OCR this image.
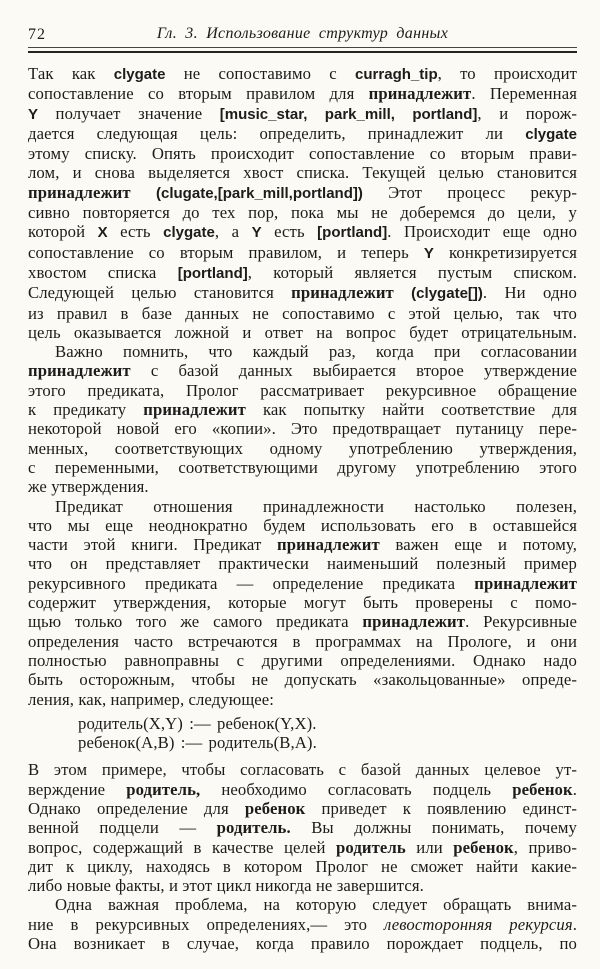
72	Гл. 3. Использование структур данных
Так как clygate не сопоставимо с curragh_tip, то происходит
сопоставление со вторым правилом для принадлежит. Переменная
Y получает значение [music_star, park_mill, portland], и порож-
дается следующая цель: определить, принадлежит ли clygate
этому списку. Опять происходит сопоставление со вторым прави-
лом, и снова выделяется хвост списка. Текущей целью становится
принадлежит (clugate,[park_mill,portland]) Этот процесс рекур-
сивно повторяется до тех пор, пока мы не доберемся до цели, у
которой X есть clygate, а Y есть [portland]. Происходит еще одно
сопоставление со вторым правилом, и теперь Y конкретизируется
хвостом списка [portland], который является пустым списком.
Следующей целью становится принадлежит (clygate[]). Ни одно
из правил в базе данных не сопоставимо с этой целью, так что
цель оказывается ложной и ответ на вопрос будет отрицательным.
Важно помнить, что каждый раз, когда при согласовании
принадлежит с базой данных выбирается второе утверждение
этого предиката, Пролог рассматривает рекурсивное обращение
к предикату принадлежит как попытку найти соответствие для
некоторой новой его «копии». Это предотвращает путаницу пере-
менных, соответствующих одному употреблению утверждения,
с переменными, соответствующими другому употреблению этого
же утверждения.
Предикат отношения принадлежности настолько полезен,
что мы еще неоднократно будем использовать его в оставшейся
части этой книги. Предикат принадлежит важен еще и потому,
что он представляет практически наименьший полезный пример
рекурсивного предиката — определение предиката принадлежит
содержит утверждения, которые могут быть проверены с помо-
щью только того же самого предиката принадлежит. Рекурсивные
определения часто встречаются в программах на Прологе, и они
полностью равноправны с другими определениями. Однако надо
быть осторожным, чтобы не допускать «закольцованные» опреде-
ления, как, например, следующее:
родитель(X,Y) :— ребенок(Y,X).
ребенок(A,B) :— родитель(B,A).
В этом примере, чтобы согласовать с базой данных целевое ут-
верждение родитель, необходимо согласовать подцель ребенок.
Однако определение для ребенок приведет к появлению единст-
венной подцели — родитель. Вы должны понимать, почему
вопрос, содержащий в качестве целей родитель или ребенок, приво-
дит к циклу, находясь в котором Пролог не сможет найти какие-
либо новые факты, и этот цикл никогда не завершится.
Одна важная проблема, на которую следует обращать внима-
ние в рекурсивных определениях,— это левосторонняя рекурсия.
Она возникает в случае, когда правило порождает подцель, по
